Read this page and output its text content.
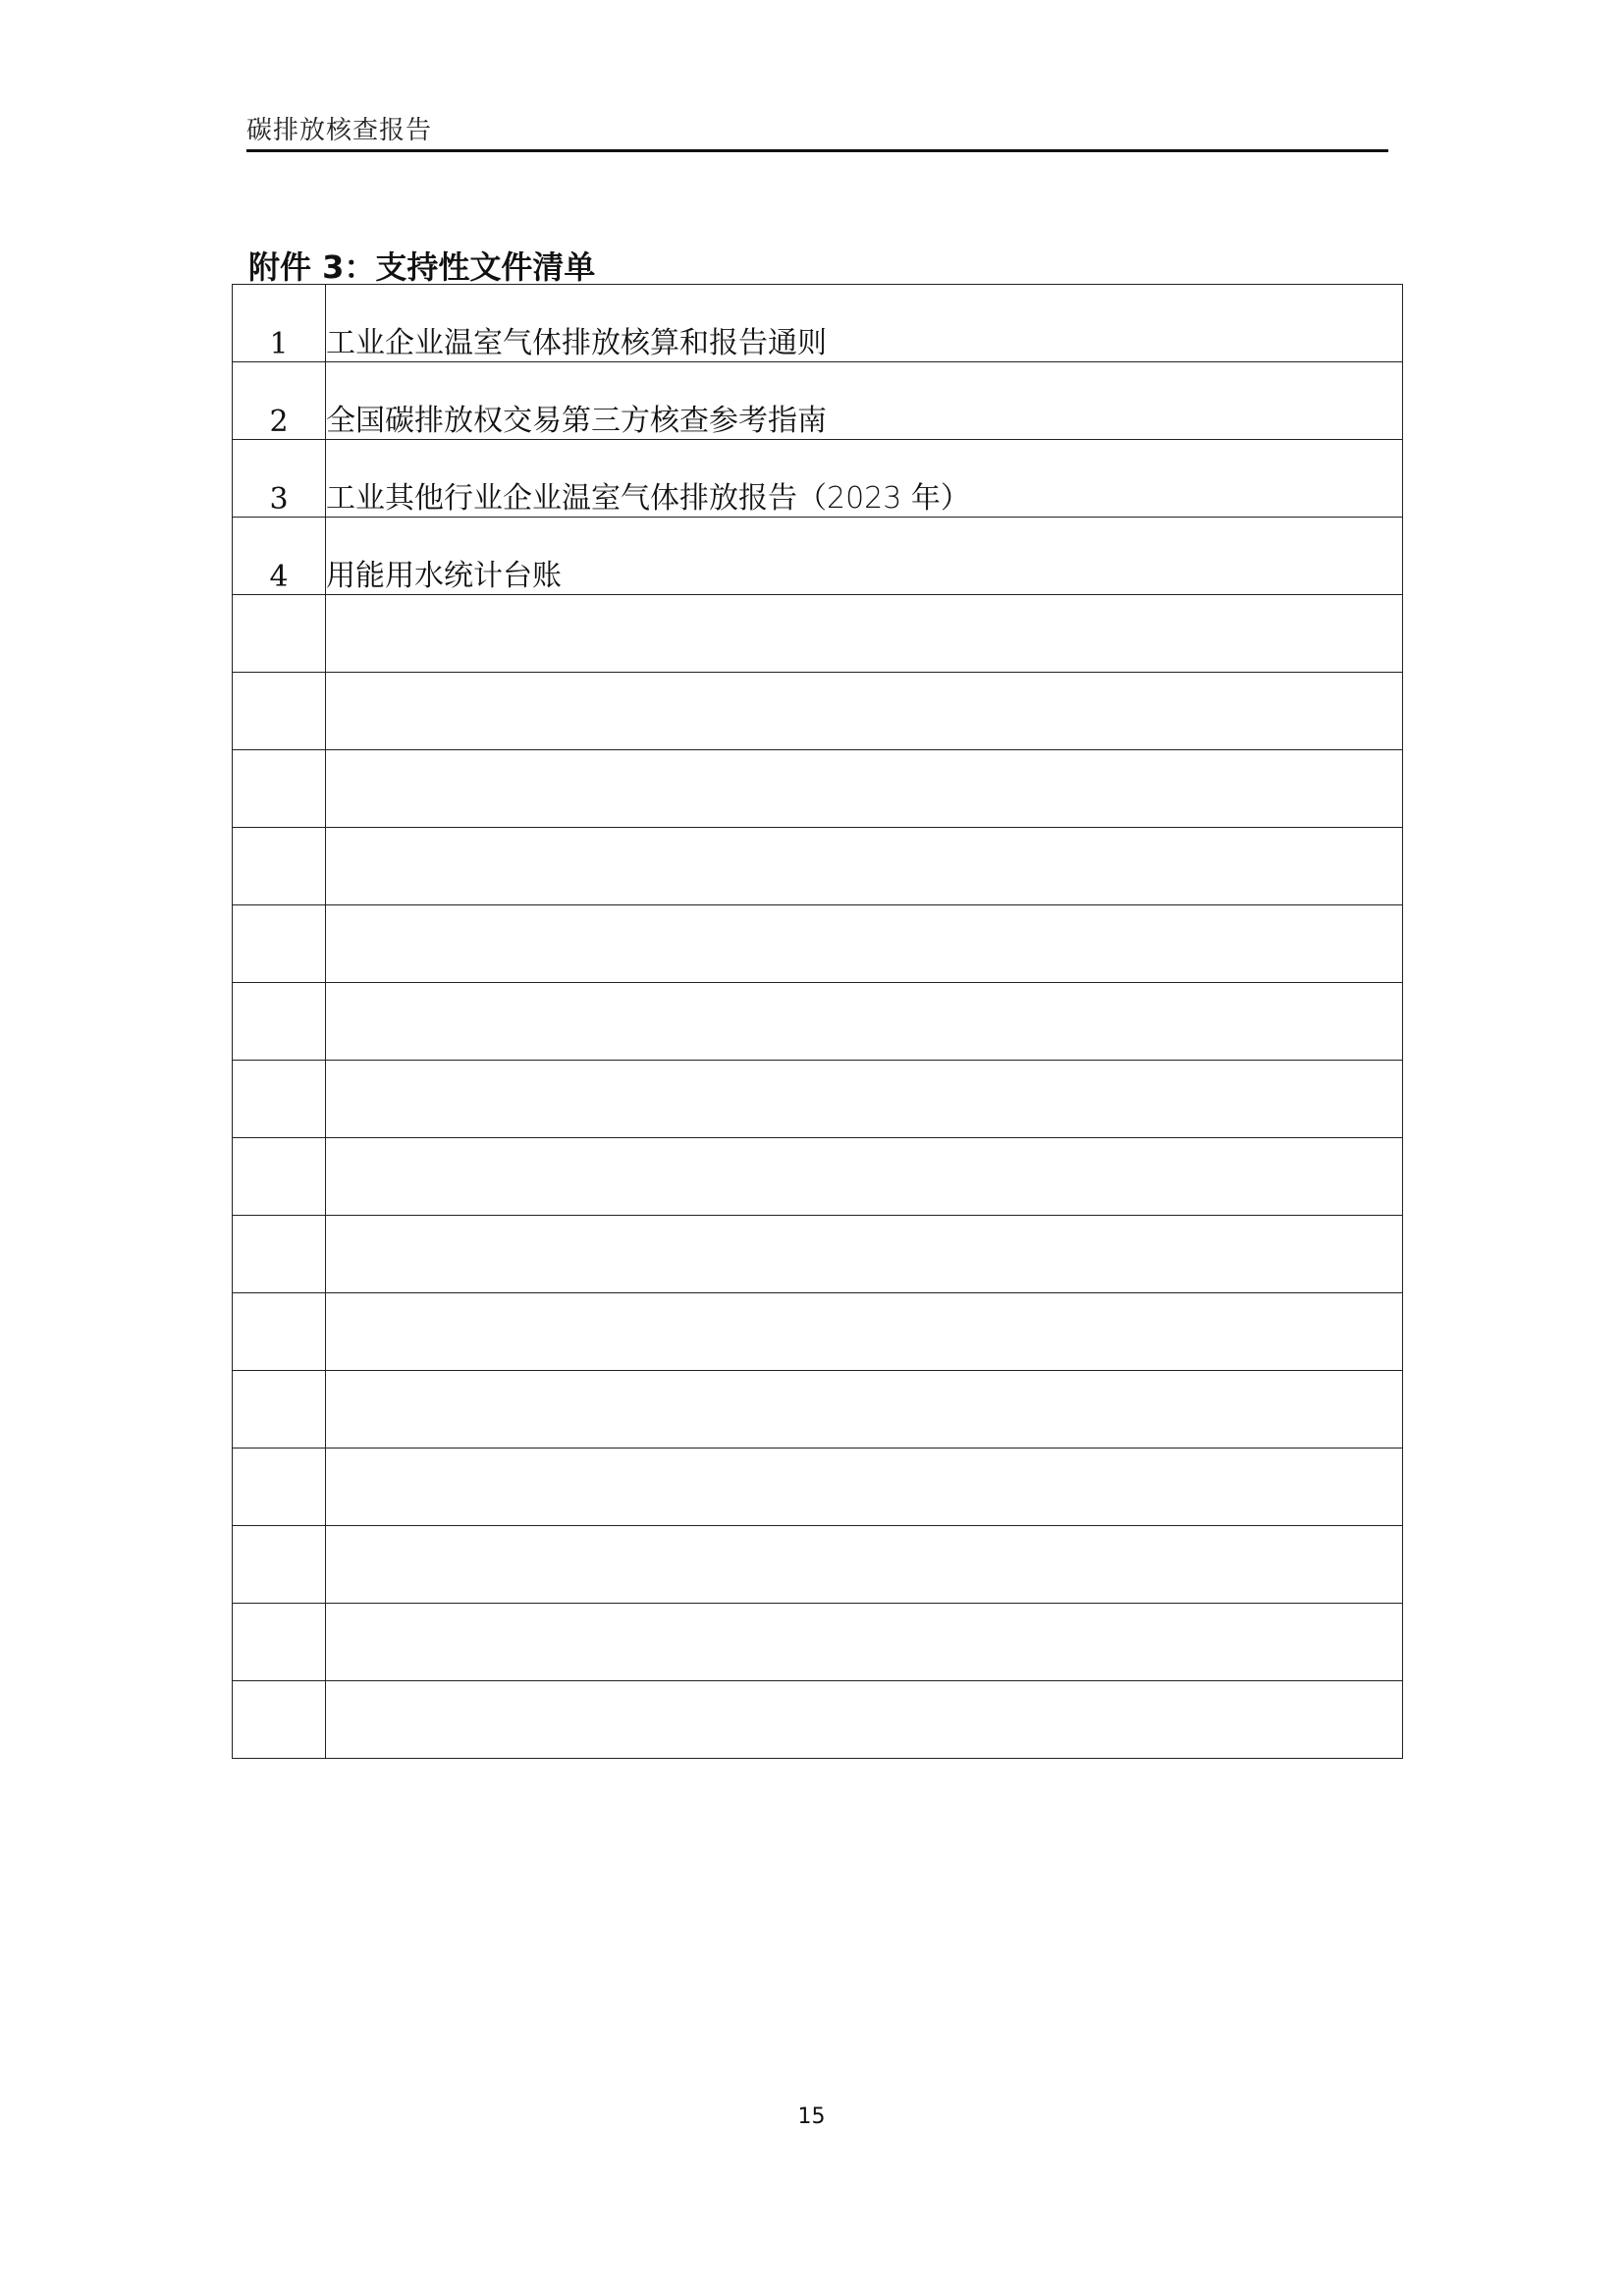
碳排放核查报告
附件 3：支持性文件清单
1	工业企业温室气体排放核算和报告通则
2	全国碳排放权交易第三方核查参考指南
3	工业其他行业企业温室气体排放报告（2023 年）
4	用能用水统计台账

15
